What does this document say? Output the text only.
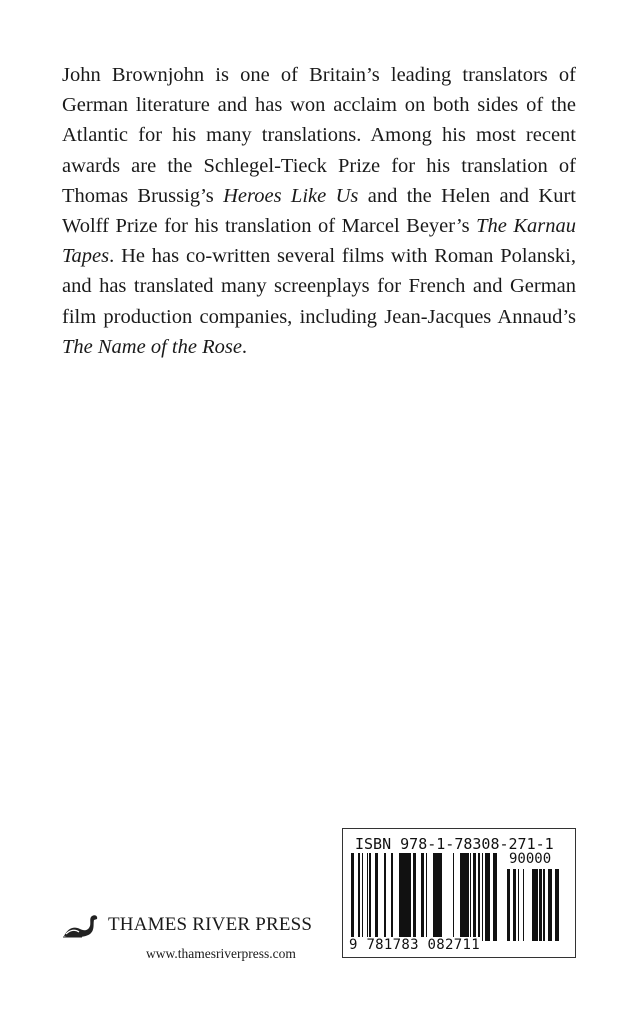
John Brownjohn is one of Britain’s leading translators of German literature and has won acclaim on both sides of the Atlantic for his many translations. Among his most recent awards are the Schlegel-Tieck Prize for his translation of Thomas Brussig’s Heroes Like Us and the Helen and Kurt Wolff Prize for his translation of Marcel Beyer’s The Karnau Tapes. He has co-written several films with Roman Polanski, and has translated many screenplays for French and German film production companies, including Jean-Jacques Annaud’s The Name of the Rose.

THAMES RIVER PRESS
www.thamesriverpress.com
ISBN 978-1-78308-271-1
90000
9 781783 082711
